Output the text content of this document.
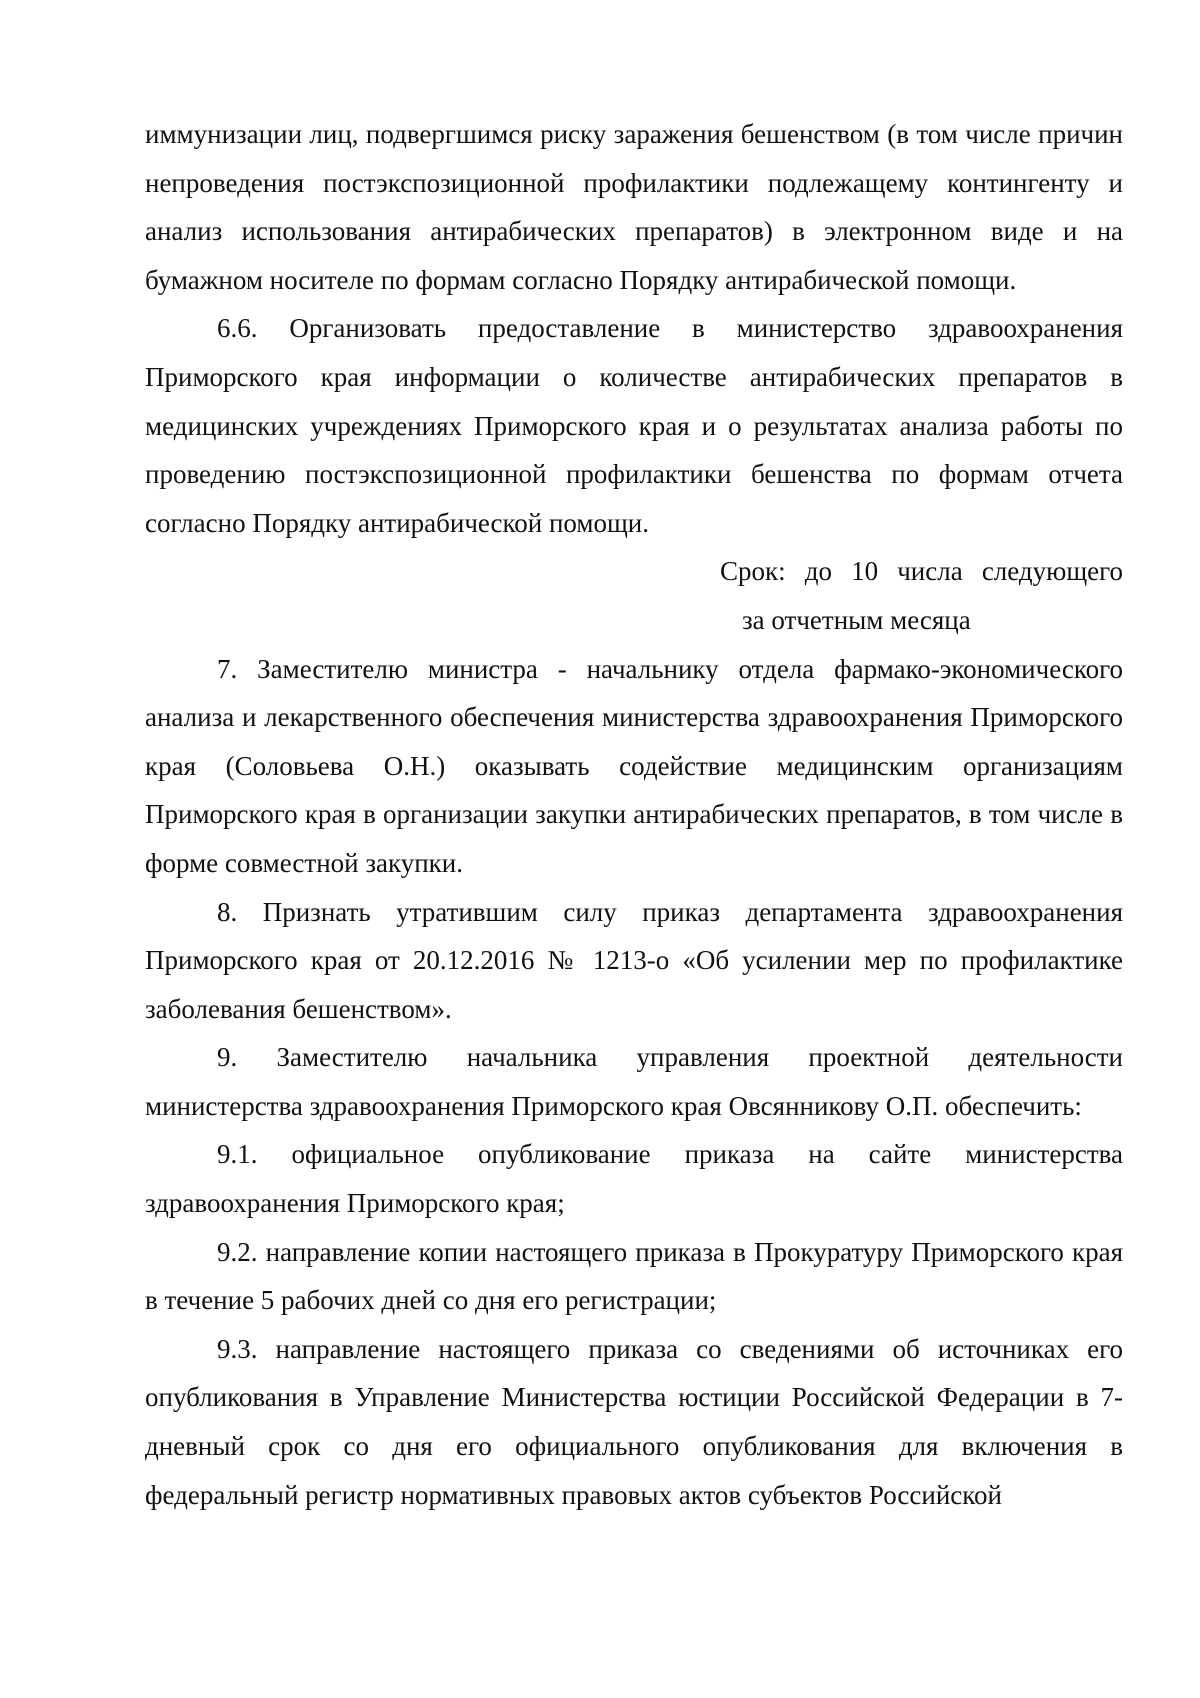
иммунизации лиц, подвергшимся риску заражения бешенством (в том числе причин непроведения постэкспозиционной профилактики подлежащему контингенту и анализ использования антирабических препаратов) в электронном виде и на бумажном носителе по формам согласно Порядку антирабической помощи.

6.6. Организовать предоставление в министерство здравоохранения Приморского края информации о количестве антирабических препаратов в медицинских учреждениях Приморского края и о результатах анализа работы по проведению постэкспозиционной профилактики бешенства по формам отчета согласно Порядку антирабической помощи.

Срок: до 10 числа следующего
за отчетным месяца

7. Заместителю министра - начальнику отдела фармако-экономического анализа и лекарственного обеспечения министерства здравоохранения Приморского края (Соловьева О.Н.) оказывать содействие медицинским организациям Приморского края в организации закупки антирабических препаратов, в том числе в форме совместной закупки.

8. Признать утратившим силу приказ департамента здравоохранения Приморского края от 20.12.2016 № 1213-о «Об усилении мер по профилактике заболевания бешенством».

9. Заместителю начальника управления проектной деятельности министерства здравоохранения Приморского края Овсянникову О.П. обеспечить:

9.1. официальное опубликование приказа на сайте министерства здравоохранения Приморского края;

9.2. направление копии настоящего приказа в Прокуратуру Приморского края в течение 5 рабочих дней со дня его регистрации;

9.3. направление настоящего приказа со сведениями об источниках его опубликования в Управление Министерства юстиции Российской Федерации в 7-дневный срок со дня его официального опубликования для включения в федеральный регистр нормативных правовых актов субъектов Российской
